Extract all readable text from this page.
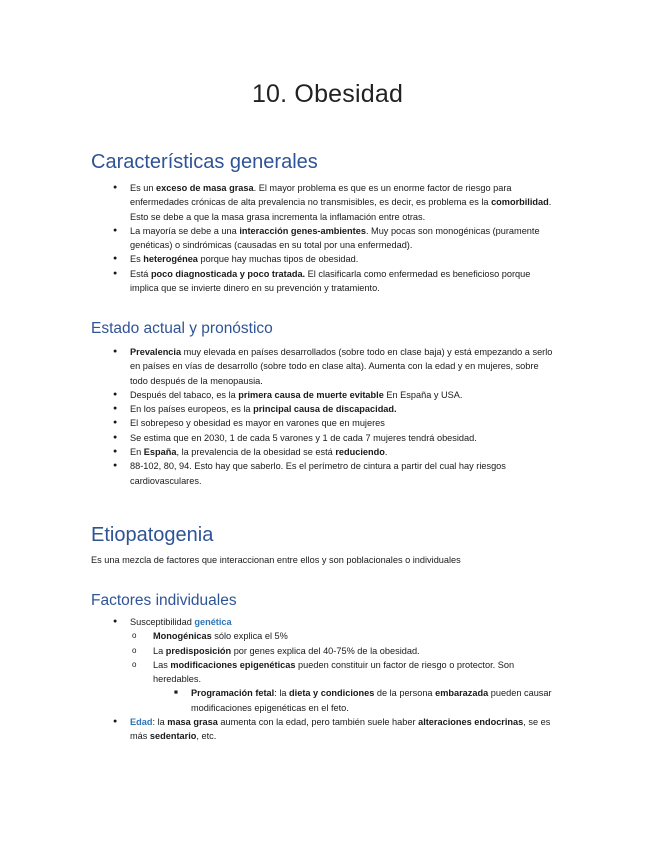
10. Obesidad
Características generales
● Es un exceso de masa grasa. El mayor problema es que es un enorme factor de riesgo para enfermedades crónicas de alta prevalencia no transmisibles, es decir, es problema es la comorbilidad. Esto se debe a que la masa grasa incrementa la inflamación entre otras.
● La mayoría se debe a una interacción genes-ambientes. Muy pocas son monogénicas (puramente genéticas) o sindrómicas (causadas en su total por una enfermedad).
● Es heterogénea porque hay muchas tipos de obesidad.
● Está poco diagnosticada y poco tratada. El clasificarla como enfermedad es beneficioso porque implica que se invierte dinero en su prevención y tratamiento.
Estado actual y pronóstico
● Prevalencia muy elevada en países desarrollados (sobre todo en clase baja) y está empezando a serlo en países en vías de desarrollo (sobre todo en clase alta). Aumenta con la edad y en mujeres, sobre todo después de la menopausia.
● Después del tabaco, es la primera causa de muerte evitable En España y USA.
● En los países europeos, es la principal causa de discapacidad.
● El sobrepeso y obesidad es mayor en varones que en mujeres
● Se estima que en 2030, 1 de cada 5 varones y 1 de cada 7 mujeres tendrá obesidad.
● En España, la prevalencia de la obesidad se está reduciendo.
● 88-102, 80, 94. Esto hay que saberlo. Es el perímetro de cintura a partir del cual hay riesgos cardiovasculares.
Etiopatogenia
Es una mezcla de factores que interaccionan entre ellos y son poblacionales o individuales
Factores individuales
● Susceptibilidad genética
o Monogénicas sólo explica el 5%
o La predisposición por genes explica del 40-75% de la obesidad.
o Las modificaciones epigenéticas pueden constituir un factor de riesgo o protector. Son heredables.
■ Programación fetal: la dieta y condiciones de la persona embarazada pueden causar modificaciones epigenéticas en el feto.
● Edad: la masa grasa aumenta con la edad, pero también suele haber alteraciones endocrinas, se es más sedentario, etc.
